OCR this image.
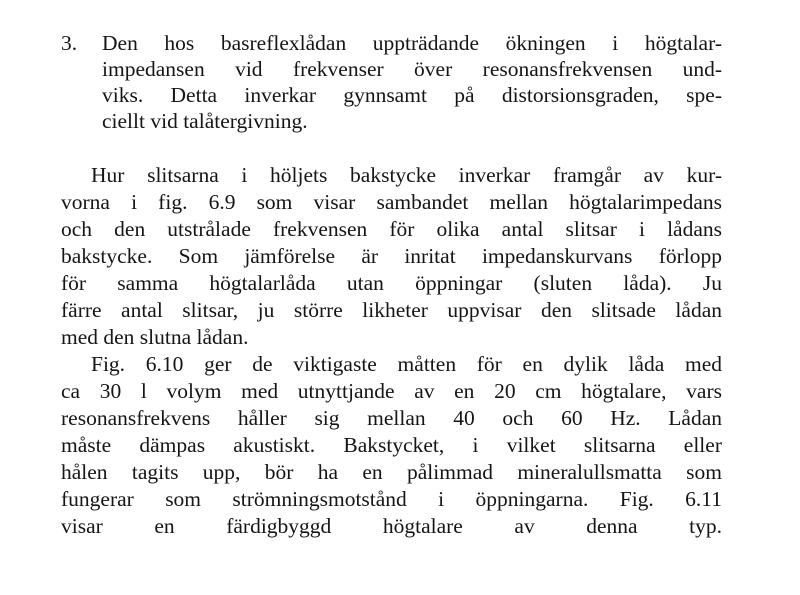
3. Den hos basreflexlådan uppträdande ökningen i högtalar-

impedansen vid frekvenser över resonansfrekvensen und-

viks. Detta inverkar gynnsamt på distorsionsgraden, spe-

ciellt vid talåtergivning.

Hur slitsarna i höljets bakstycke inverkar framgår av kur-

vorna i fig. 6.9 som visar sambandet mellan högtalarimpedans

och den utstrålade frekvensen för olika antal slitsar i lådans

bakstycke. Som jämförelse är inritat impedanskurvans förlopp

för samma högtalarlåda utan öppningar (sluten låda). Ju

färre antal slitsar, ju större likheter uppvisar den slitsade lådan

med den slutna lådan.

Fig. 6.10 ger de viktigaste måtten för en dylik låda med

ca 30 l volym med utnyttjande av en 20 cm högtalare, vars

resonansfrekvens håller sig mellan 40 och 60 Hz. Lådan

måste dämpas akustiskt. Bakstycket, i vilket slitsarna eller

hålen tagits upp, bör ha en pålimmad mineralullsmatta som

fungerar som strömningsmotstånd i öppningarna. Fig. 6.11

visar en färdigbyggd högtalare av denna typ.
